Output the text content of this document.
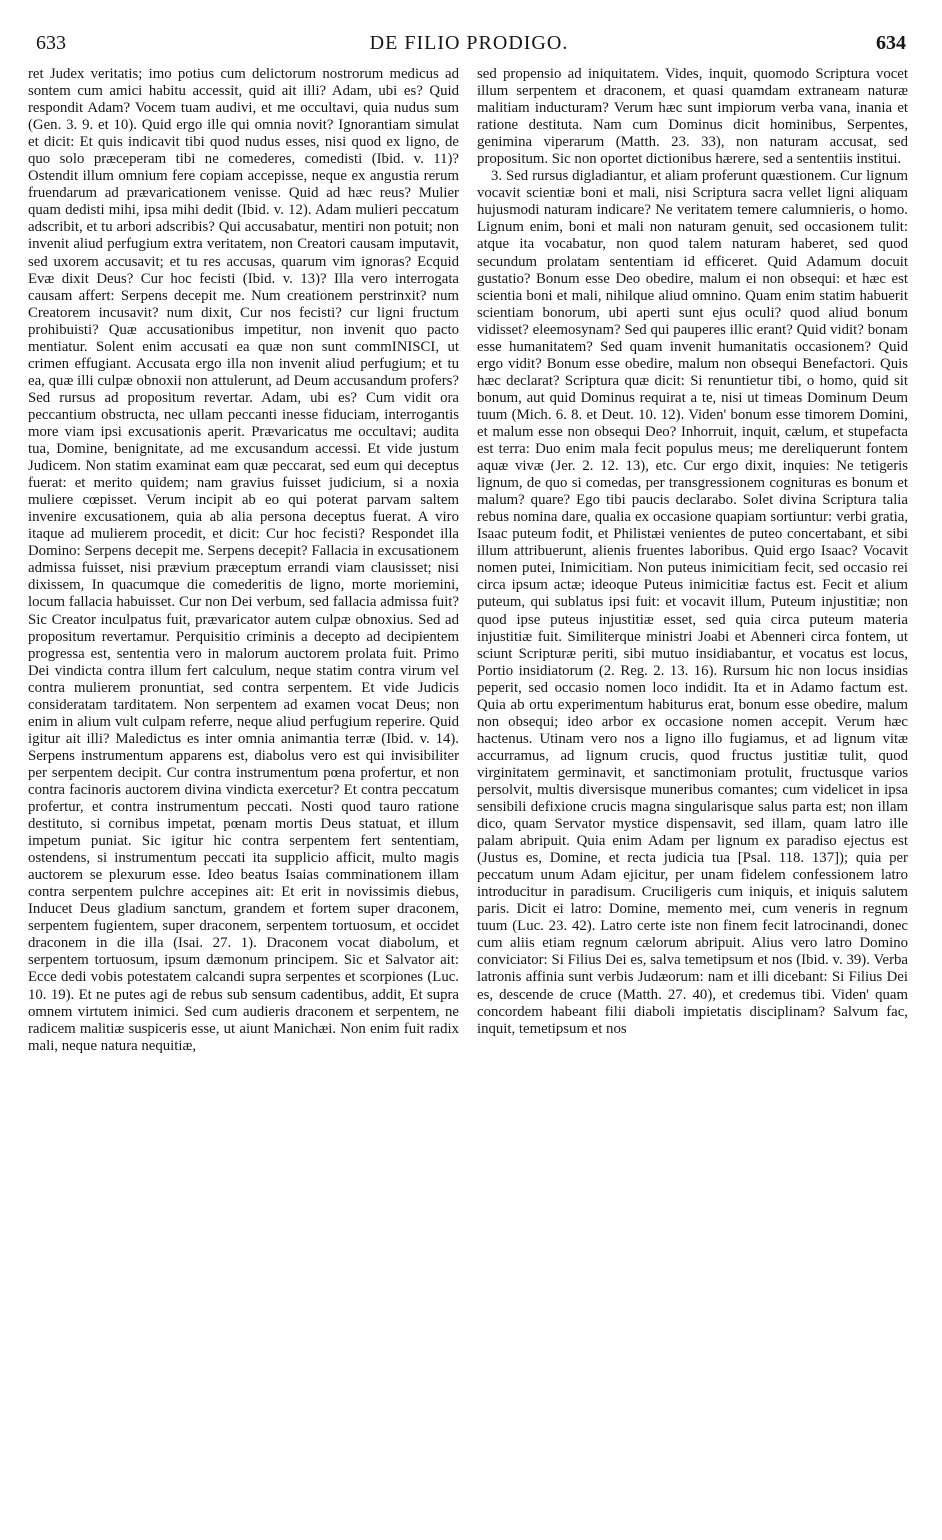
633	DE FILIO PRODIGO.	634

ret Judex veritatis; imo potius cum delictorum nostrorum medicus ad sontem cum amici habitu accessit, quid ait illi? Adam, ubi es? Quid respondit Adam? Vocem tuam audivi, et me occultavi, quia nudus sum (Gen. 3. 9. et 10). Quid ergo ille qui omnia novit? Ignorantiam simulat et dicit: Et quis indicavit tibi quod nudus esses, nisi quod ex ligno, de quo solo præceperam tibi ne comederes, comedisti (Ibid. v. 11)? Ostendit illum omnium fere copiam accepisse, neque ex angustia rerum fruendarum ad prævaricationem venisse. Quid ad hæc reus? Mulier quam dedisti mihi, ipsa mihi dedit (Ibid. v. 12). Adam mulieri peccatum adscribit, et tu arbori adscribis? Qui accusabatur, mentiri non potuit; non invenit aliud perfugium extra veritatem, non Creatori causam imputavit, sed uxorem accusavit; et tu res accusas, quarum vim ignoras? Ecquid Evæ dixit Deus? Cur hoc fecisti (Ibid. v. 13)? Illa vero interrogata causam affert: Serpens decepit me. Num creationem perstrinxit? num Creatorem incusavit? num dixit, Cur nos fecisti? cur ligni fructum prohibuisti? Quæ accusationibus impetitur, non invenit quo pacto mentiatur. Solent enim accusati ea quæ non sunt commINISCI, ut crimen effugiant. Accusata ergo illa non invenit aliud perfugium; et tu ea, quæ illi culpæ obnoxii non attulerunt, ad Deum accusandum profers? Sed rursus ad propositum revertar. Adam, ubi es? Cum vidit ora peccantium obstructa, nec ullam peccanti inesse fiduciam, interrogantis more viam ipsi excusationis aperit. Prævaricatus me occultavi; audita tua, Domine, benignitate, ad me excusandum accessi. Et vide justum Judicem. Non statim examinat eam quæ peccarat, sed eum qui deceptus fuerat: et merito quidem; nam gravius fuisset judicium, si a noxia muliere cœpisset. Verum incipit ab eo qui poterat parvam saltem invenire excusationem, quia ab alia persona deceptus fuerat. A viro itaque ad mulierem procedit, et dicit: Cur hoc fecisti? Respondet illa Domino: Serpens decepit me. Serpens decepit? Fallacia in excusationem admissa fuisset, nisi prævium præceptum errandi viam clausisset; nisi dixissem, In quacumque die comederitis de ligno, morte moriemini, locum fallacia habuisset. Cur non Dei verbum, sed fallacia admissa fuit? Sic Creator inculpatus fuit, prævaricator autem culpæ obnoxius. Sed ad propositum revertamur. Perquisitio criminis a decepto ad decipientem progressa est, sententia vero in malorum auctorem prolata fuit. Primo Dei vindicta contra illum fert calculum, neque statim contra virum vel contra mulierem pronuntiat, sed contra serpentem. Et vide Judicis consideratam tarditatem. Non serpentem ad examen vocat Deus; non enim in alium vult culpam referre, neque aliud perfugium reperire. Quid igitur ait illi? Maledictus es inter omnia animantia terræ (Ibid. v. 14). Serpens instrumentum apparens est, diabolus vero est qui invisibiliter per serpentem decipit. Cur contra instrumentum pœna profertur, et non contra facinoris auctorem divina vindicta exercetur? Et contra peccatum profertur, et contra instrumentum peccati. Nosti quod tauro ratione destituto, si cornibus impetat, pœnam mortis Deus statuat, et illum impetum puniat. Sic igitur hic contra serpentem fert sententiam, ostendens, si instrumentum peccati ita supplicio afficit, multo magis auctorem se plexurum esse. Ideo beatus Isaias comminationem illam contra serpentem pulchre accepines ait: Et erit in novissimis diebus, Inducet Deus gladium sanctum, grandem et fortem super draconem, serpentem fugientem, super draconem, serpentem tortuosum, et occidet draconem in die illa (Isai. 27. 1). Draconem vocat diabolum, et serpentem tortuosum, ipsum dæmonum principem. Sic et Salvator ait: Ecce dedi vobis potestatem calcandi supra serpentes et scorpiones (Luc. 10. 19). Et ne putes agi de rebus sub sensum cadentibus, addit, Et supra omnem virtutem inimici. Sed cum audieris draconem et serpentem, ne radicem malitiæ suspiceris esse, ut aiunt Manichæi. Non enim fuit radix mali, neque natura nequitiæ,

sed propensio ad iniquitatem. Vides, inquit, quomodo Scriptura vocet illum serpentem et draconem, et quasi quamdam extraneam naturæ malitiam inducturam? Verum hæc sunt impiorum verba vana, inania et ratione destituta. Nam cum Dominus dicit hominibus, Serpentes, genimina viperarum (Matth. 23. 33), non naturam accusat, sed propositum. Sic non oportet dictionibus hærere, sed a sententiis institui.

3. Sed rursus digladiantur, et aliam proferunt quæstionem. Cur lignum vocavit scientiæ boni et mali, nisi Scriptura sacra vellet ligni aliquam hujusmodi naturam indicare? Ne veritatem temere calumnieris, o homo. Lignum enim, boni et mali non naturam genuit, sed occasionem tulit: atque ita vocabatur, non quod talem naturam haberet, sed quod secundum prolatam sententiam id efficeret. Quid Adamum docuit gustatio? Bonum esse Deo obedire, malum ei non obsequi: et hæc est scientia boni et mali, nihilque aliud omnino. Quam enim statim habuerit scientiam bonorum, ubi aperti sunt ejus oculi? quod aliud bonum vidisset? eleemosynam? Sed qui pauperes illic erant? Quid vidit? bonam esse humanitatem? Sed quam invenit humanitatis occasionem? Quid ergo vidit? Bonum esse obedire, malum non obsequi Benefactori. Quis hæc declarat? Scriptura quæ dicit: Si renuntietur tibi, o homo, quid sit bonum, aut quid Dominus requirat a te, nisi ut timeas Dominum Deum tuum (Mich. 6. 8. et Deut. 10. 12). Viden' bonum esse timorem Domini, et malum esse non obsequi Deo? Inhorruit, inquit, cælum, et stupefacta est terra: Duo enim mala fecit populus meus; me dereliquerunt fontem aquæ vivæ (Jer. 2. 12. 13), etc. Cur ergo dixit, inquies: Ne tetigeris lignum, de quo si comedas, per transgressionem cognituras es bonum et malum? quare? Ego tibi paucis declarabo. Solet divina Scriptura talia rebus nomina dare, qualia ex occasione quapiam sortiuntur: verbi gratia, Isaac puteum fodit, et Philistæi venientes de puteo concertabant, et sibi illum attribuerunt, alienis fruentes laboribus. Quid ergo Isaac? Vocavit nomen putei, Inimicitiam. Non puteus inimicitiam fecit, sed occasio rei circa ipsum actæ; ideoque Puteus inimicitiæ factus est. Fecit et alium puteum, qui sublatus ipsi fuit: et vocavit illum, Puteum injustitiæ; non quod ipse puteus injustitiæ esset, sed quia circa puteum materia injustitiæ fuit. Similiterque ministri Joabi et Abenneri circa fontem, ut sciunt Scripturæ periti, sibi mutuo insidiabantur, et vocatus est locus, Portio insidiatorum (2. Reg. 2. 13. 16). Rursum hic non locus insidias peperit, sed occasio nomen loco indidit. Ita et in Adamo factum est. Quia ab ortu experimentum habiturus erat, bonum esse obedire, malum non obsequi; ideo arbor ex occasione nomen accepit. Verum hæc hactenus. Utinam vero nos a ligno illo fugiamus, et ad lignum vitæ accurramus, ad lignum crucis, quod fructus justitiæ tulit, quod virginitatem germinavit, et sanctimoniam protulit, fructusque varios persolvit, multis diversisque muneribus comantes; cum videlicet in ipsa sensibili defixione crucis magna singularisque salus parta est; non illam dico, quam Servator mystice dispensavit, sed illam, quam latro ille palam abripuit. Quia enim Adam per lignum ex paradiso ejectus est (Justus es, Domine, et recta judicia tua [Psal. 118. 137]); quia per peccatum unum Adam ejicitur, per unam fidelem confessionem latro introducitur in paradisum. Cruciligeris cum iniquis, et iniquis salutem paris. Dicit ei latro: Domine, memento mei, cum veneris in regnum tuum (Luc. 23. 42). Latro certe iste non finem fecit latrocinandi, donec cum aliis etiam regnum cælorum abripuit. Alius vero latro Domino conviciator: Si Filius Dei es, salva temetipsum et nos (Ibid. v. 39). Verba latronis affinia sunt verbis Judæorum: nam et illi dicebant: Si Filius Dei es, descende de cruce (Matth. 27. 40), et credemus tibi. Viden' quam concordem habeant filii diaboli impietatis disciplinam? Salvum fac, inquit, temetipsum et nos
